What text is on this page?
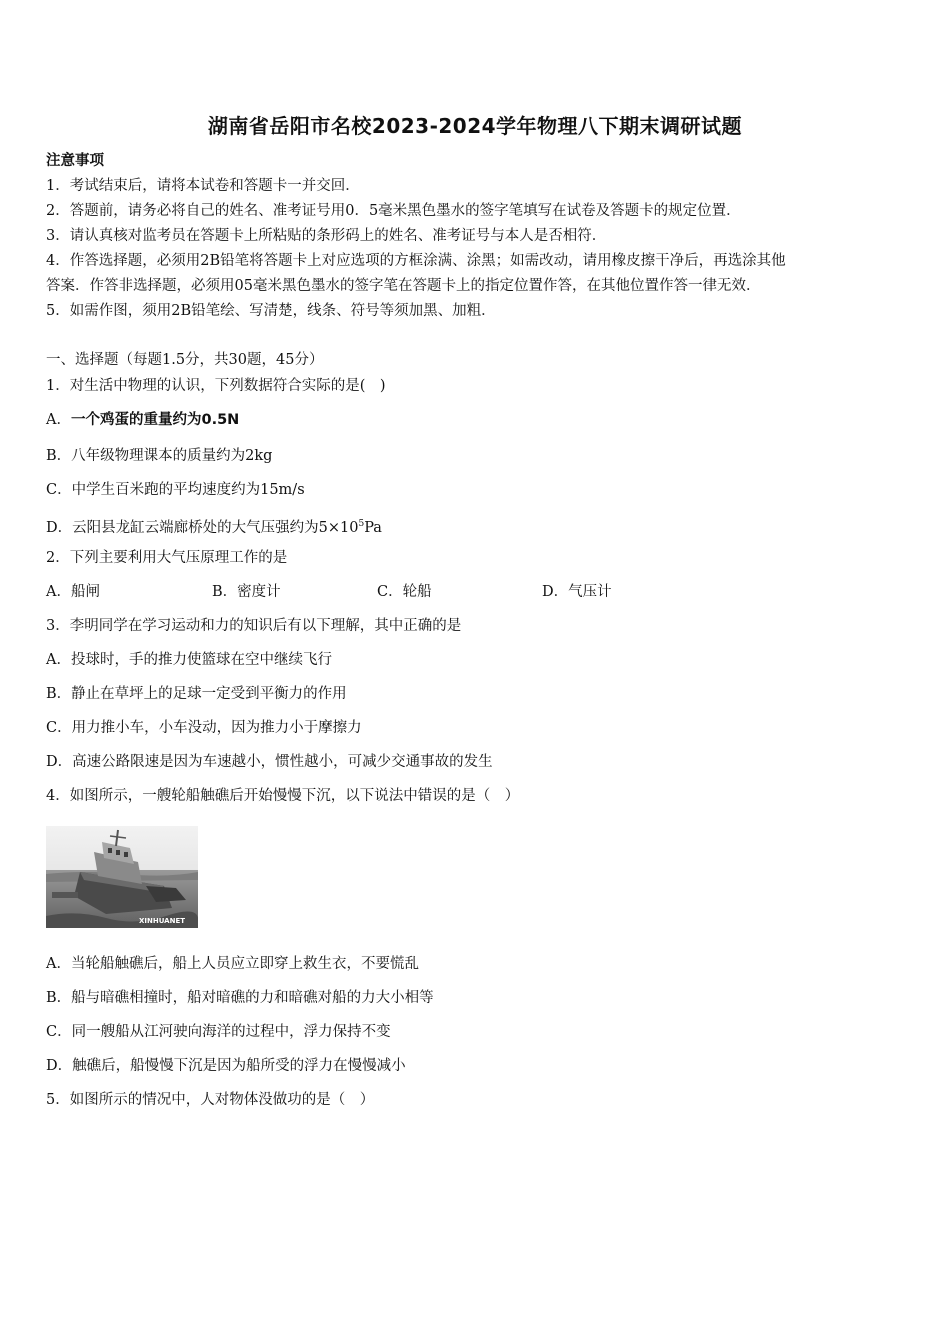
湖南省岳阳市名校2023-2024学年物理八下期末调研试题
注意事项
1．考试结束后，请将本试卷和答题卡一并交回．
2．答题前，请务必将自己的姓名、准考证号用0．5毫米黑色墨水的签字笔填写在试卷及答题卡的规定位置．
3．请认真核对监考员在答题卡上所粘贴的条形码上的姓名、准考证号与本人是否相符．
4．作答选择题，必须用2B铅笔将答题卡上对应选项的方框涂满、涂黑；如需改动，请用橡皮擦干净后，再选涂其他
答案．作答非选择题，必须用05毫米黑色墨水的签字笔在答题卡上的指定位置作答，在其他位置作答一律无效．
5．如需作图，须用2B铅笔绘、写清楚，线条、符号等须加黑、加粗．
一、选择题（每题1.5分，共30题，45分）
1．对生活中物理的认识，下列数据符合实际的是(　)
A．一个鸡蛋的重量约为0.5N
B．八年级物理课本的质量约为2kg
C．中学生百米跑的平均速度约为15m/s
D．云阳县龙缸云端廊桥处的大气压强约为$5\times 10^5Pa$
2．下列主要利用大气压原理工作的是
A．船闸	B．密度计	C．轮船	D．气压计
3．李明同学在学习运动和力的知识后有以下理解，其中正确的是
A．投球时，手的推力使篮球在空中继续飞行
B．静止在草坪上的足球一定受到平衡力的作用
C．用力推小车，小车没动，因为推力小于摩擦力
D．高速公路限速是因为车速越小，惯性越小，可减少交通事故的发生
4．如图所示，一艘轮船触礁后开始慢慢下沉，以下说法中错误的是（　）
XINHUANET
A．当轮船触礁后，船上人员应立即穿上救生衣，不要慌乱
B．船与暗礁相撞时，船对暗礁的力和暗礁对船的力大小相等
C．同一艘船从江河驶向海洋的过程中，浮力保持不变
D．触礁后，船慢慢下沉是因为船所受的浮力在慢慢减小
5．如图所示的情况中，人对物体没做功的是（　）
